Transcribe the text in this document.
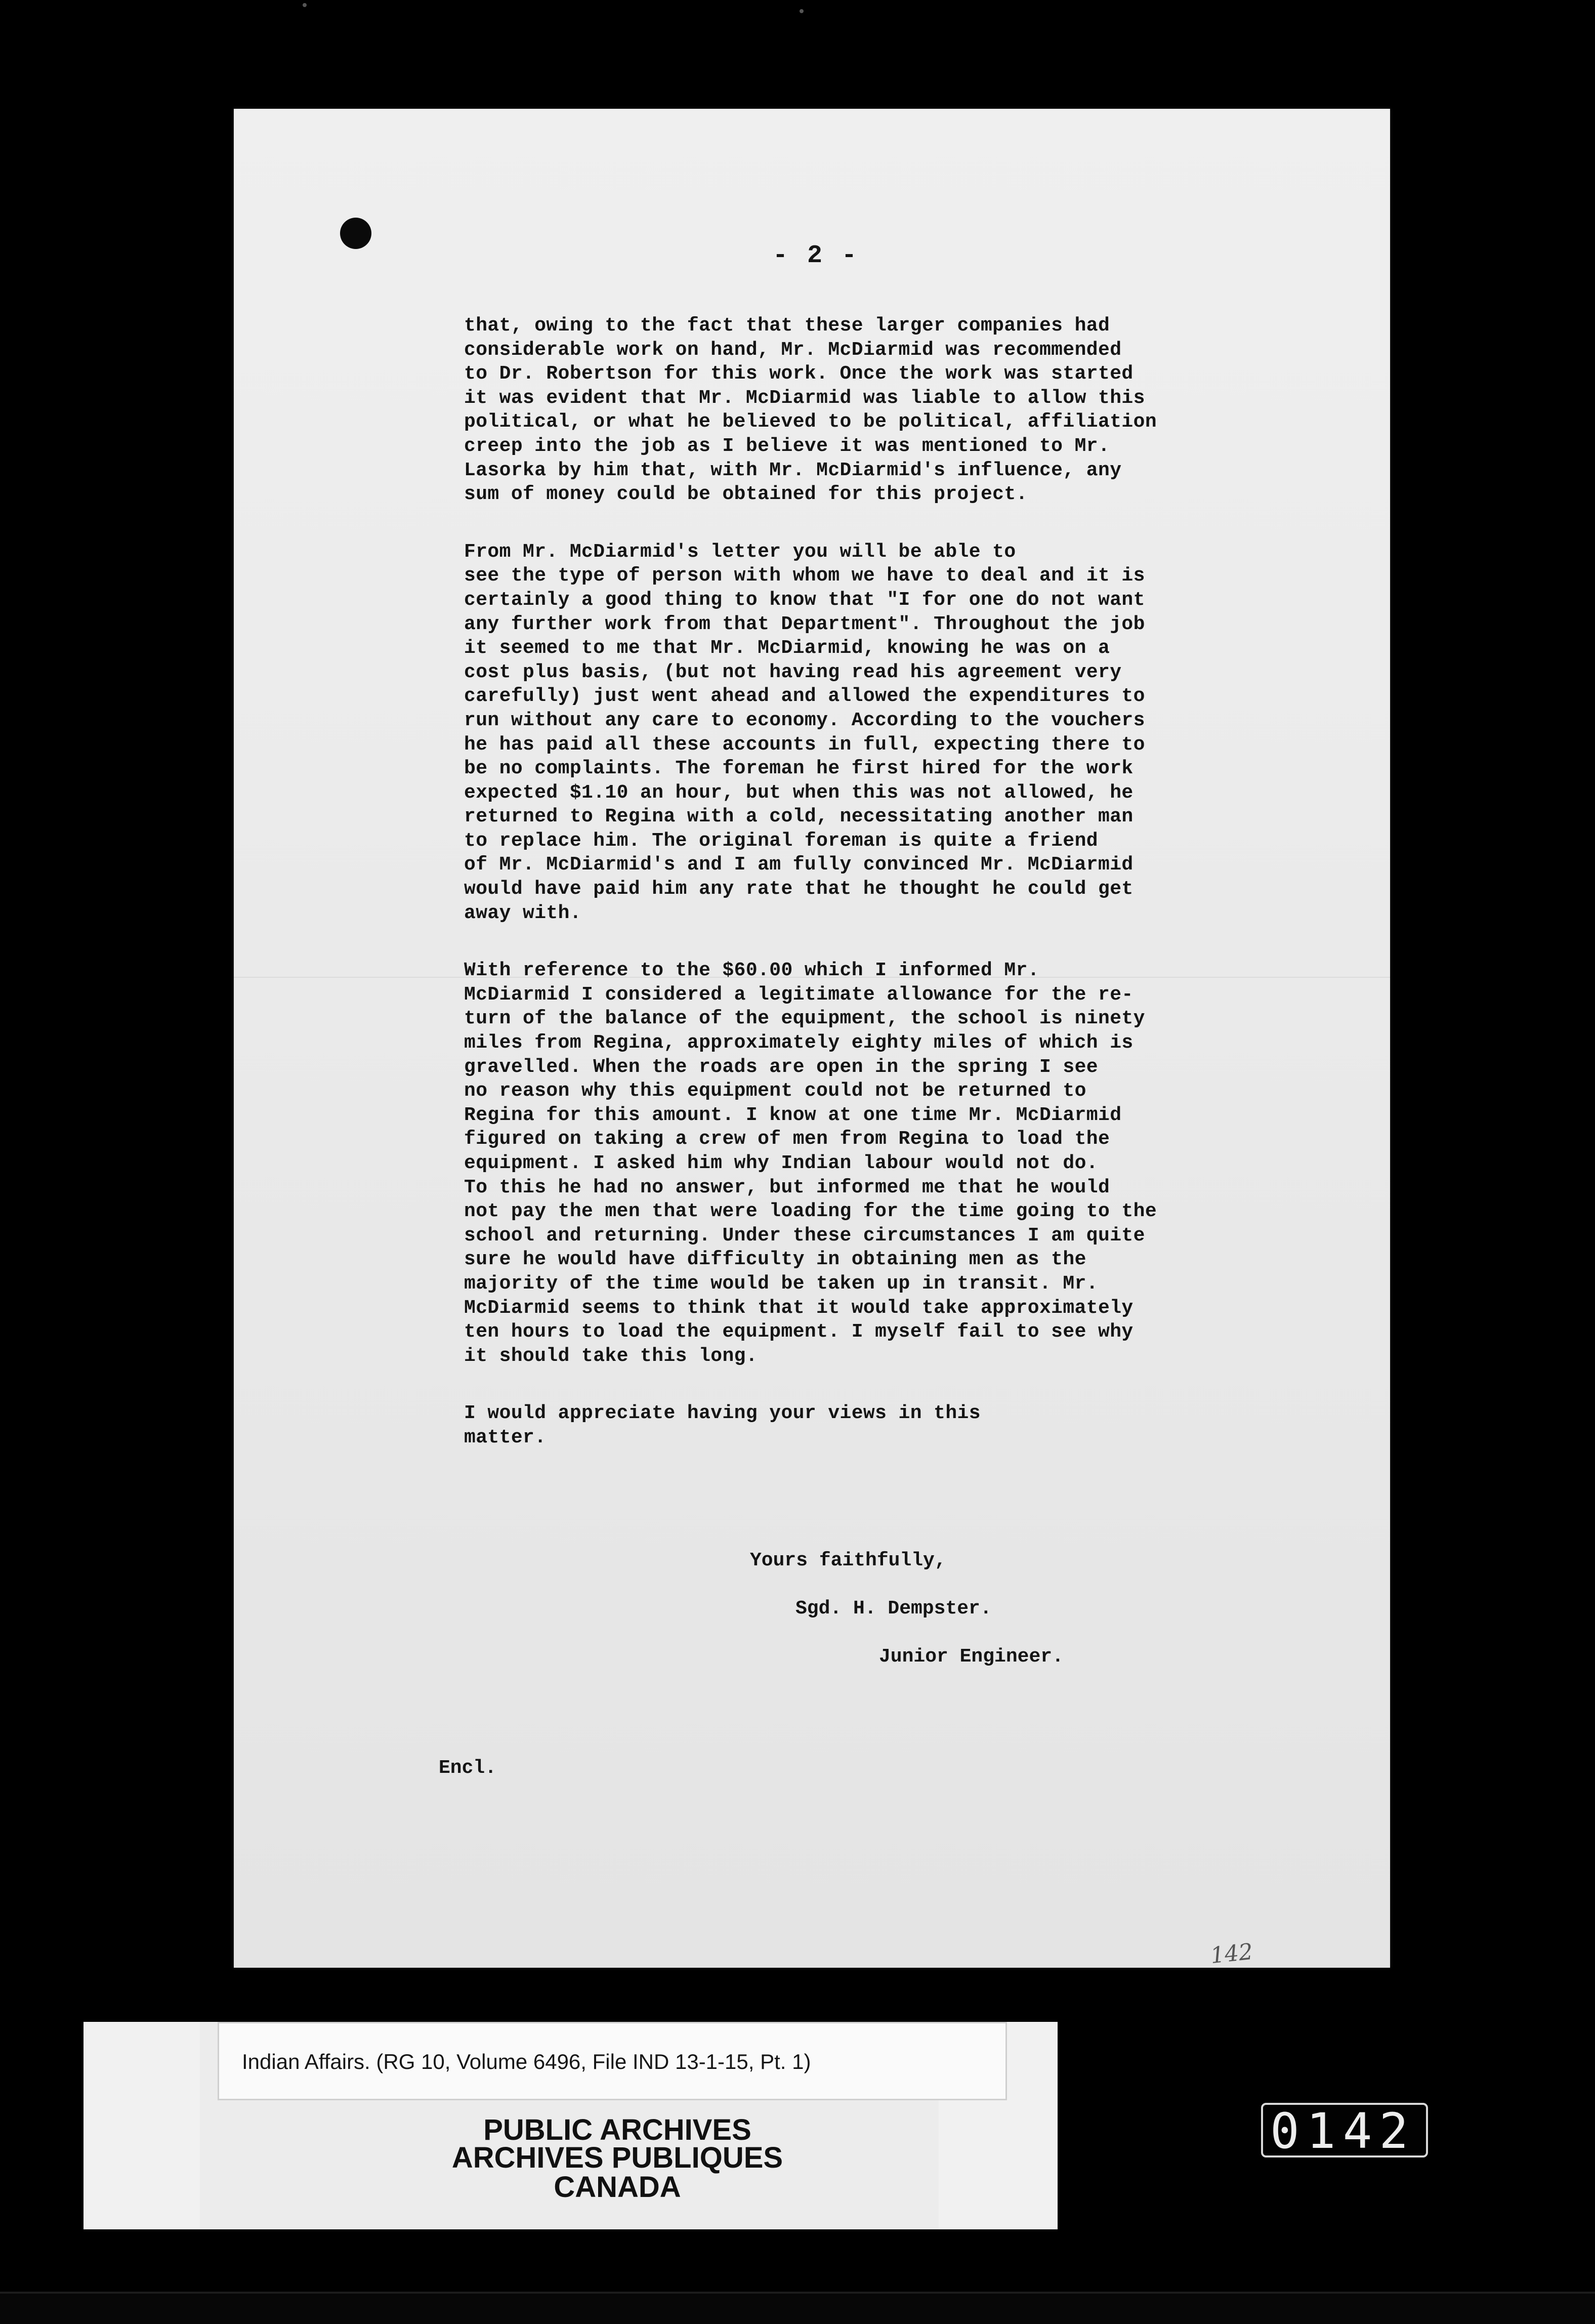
- 2 -

that, owing to the fact that these larger companies had
considerable work on hand, Mr. McDiarmid was recommended
to Dr. Robertson for this work. Once the work was started
it was evident that Mr. McDiarmid was liable to allow this
political, or what he believed to be political, affiliation
creep into the job as I believe it was mentioned to Mr.
Lasorka by him that, with Mr. McDiarmid's influence, any
sum of money could be obtained for this project.

From Mr. McDiarmid's letter you will be able to
see the type of person with whom we have to deal and it is
certainly a good thing to know that "I for one do not want
any further work from that Department". Throughout the job
it seemed to me that Mr. McDiarmid, knowing he was on a
cost plus basis, (but not having read his agreement very
carefully) just went ahead and allowed the expenditures to
run without any care to economy. According to the vouchers
he has paid all these accounts in full, expecting there to
be no complaints. The foreman he first hired for the work
expected $1.10 an hour, but when this was not allowed, he
returned to Regina with a cold, necessitating another man
to replace him. The original foreman is quite a friend
of Mr. McDiarmid's and I am fully convinced Mr. McDiarmid
would have paid him any rate that he thought he could get
away with.

With reference to the $60.00 which I informed Mr.
McDiarmid I considered a legitimate allowance for the re-
turn of the balance of the equipment, the school is ninety
miles from Regina, approximately eighty miles of which is
gravelled. When the roads are open in the spring I see
no reason why this equipment could not be returned to
Regina for this amount. I know at one time Mr. McDiarmid
figured on taking a crew of men from Regina to load the
equipment. I asked him why Indian labour would not do.
To this he had no answer, but informed me that he would
not pay the men that were loading for the time going to the
school and returning. Under these circumstances I am quite
sure he would have difficulty in obtaining men as the
majority of the time would be taken up in transit. Mr.
McDiarmid seems to think that it would take approximately
ten hours to load the equipment. I myself fail to see why
it should take this long.

I would appreciate having your views in this
matter.

Yours faithfully,
Sgd. H. Dempster.
Junior Engineer.
Encl.
142
Indian Affairs. (RG 10, Volume 6496, File IND 13-1-15, Pt. 1)
PUBLIC ARCHIVES
ARCHIVES PUBLIQUES
CANADA
0142
